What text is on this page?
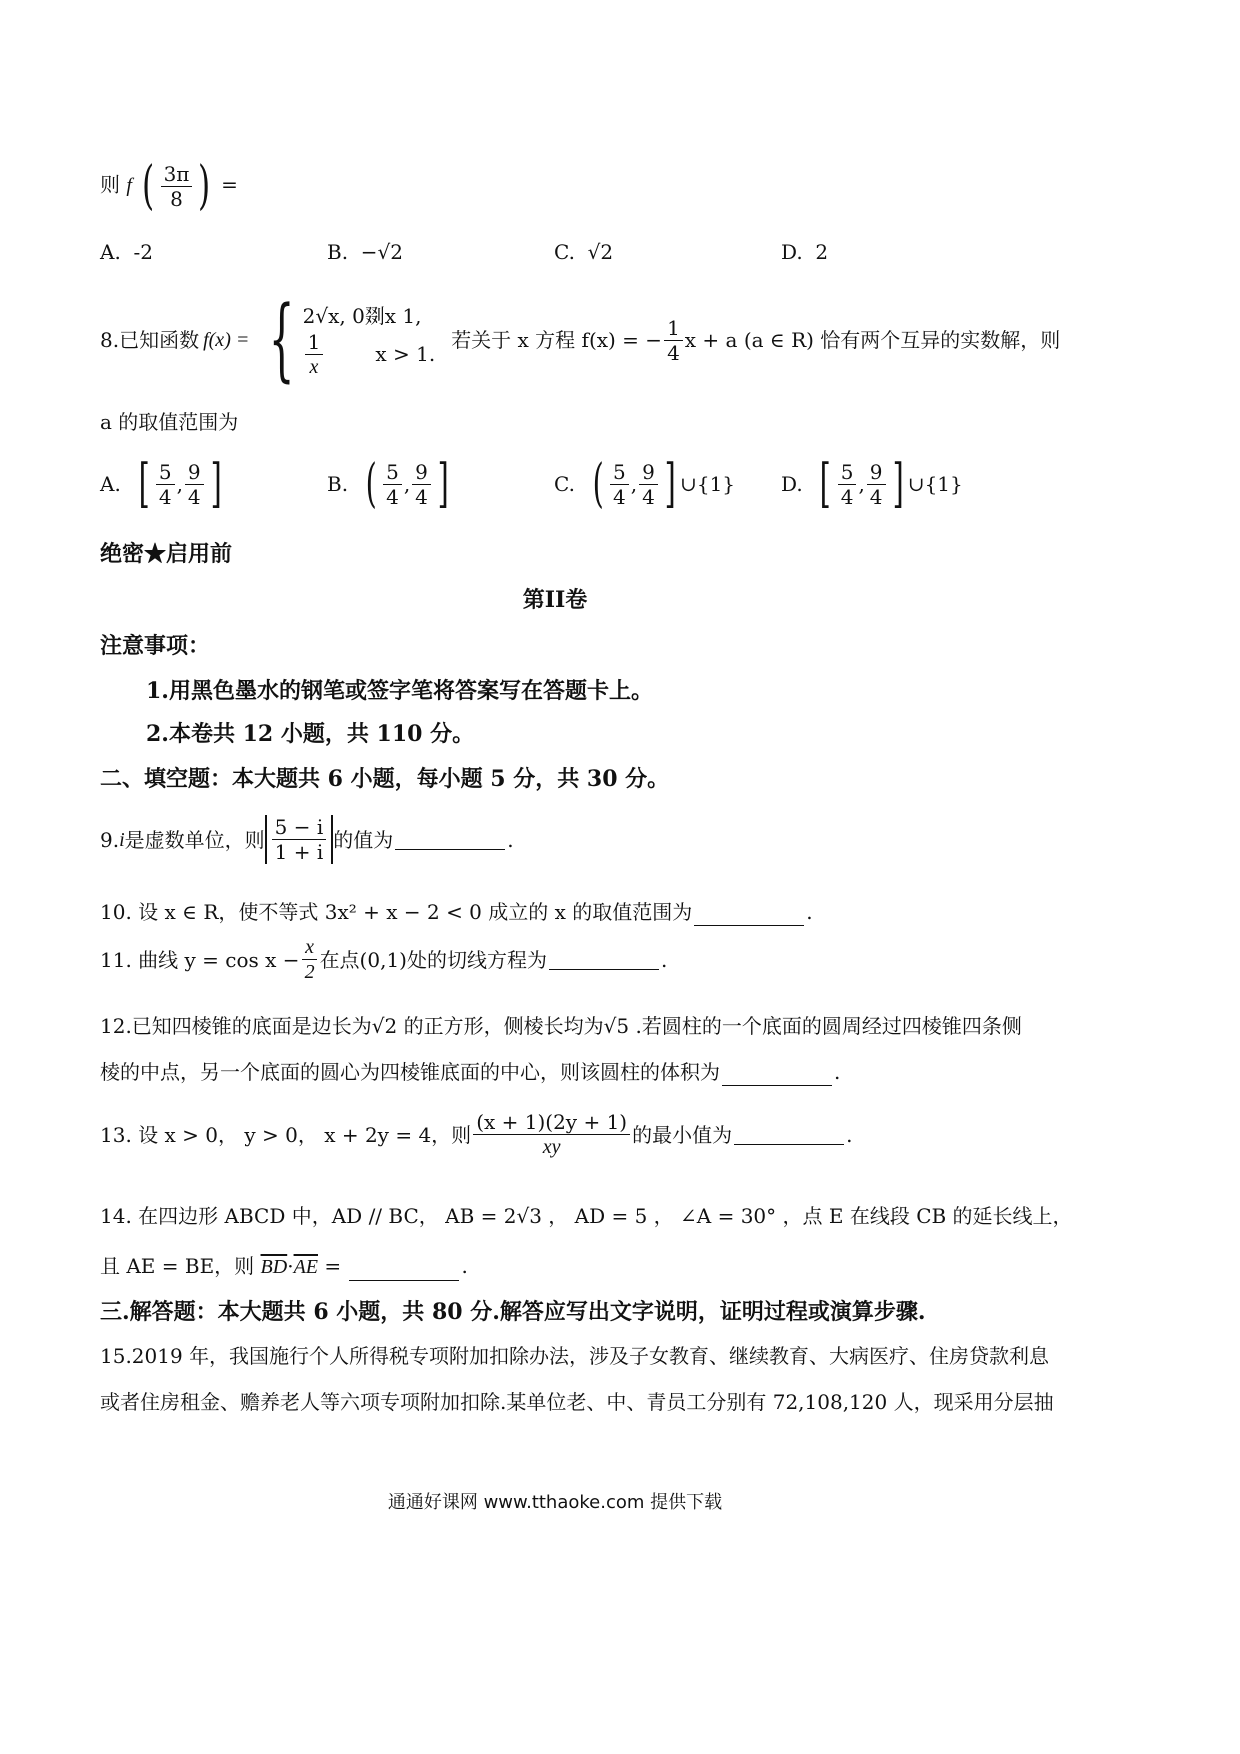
则 f ( $\frac{3\pi}{8}$ ) =
A. -2	B. −√2	C. √2	D. 2
8.已知函数 f(x) = { 2√x, 0剟x 1,
$\frac{1}{x}$	x > 1.
若关于 x 方程 f(x) = − $\frac{1}{4}$ x + a (a ∈ R) 恰有两个互异的实数解，则
a 的取值范围为
A.
[ $\frac{5}{4}$ , $\frac{9}{4}$ ]	B.
( $\frac{5}{4}$ , $\frac{9}{4}$ ]	C.
( $\frac{5}{4}$ , $\frac{9}{4}$ ] ∪{1} D.
[ $\frac{5}{4}$ , $\frac{9}{4}$ ] ∪{1}
绝密★启用前
第II卷
注意事项：
1.用黑色墨水的钢笔或签字笔将答案写在答题卡上。
2.本卷共 12 小题，共 110 分。
二、填空题：本大题共 6 小题，每小题 5 分，共 30 分。
9. i 是虚数单位，则 $\frac{5 - i}{1 + i}$ 的值为	.
10. 设 x ∈ R，使不等式 3x² + x − 2 < 0 成立的 x 的取值范围为	.
11. 曲线 $y = \cos x - \frac{x}{2}$ 在点(0,1)处的切线方程为	.
12.已知四棱锥的底面是边长为√2 的正方形，侧棱长均为√5 .若圆柱的一个底面的圆周经过四棱锥四条侧
棱的中点，另一个底面的圆心为四棱锥底面的中心，则该圆柱的体积为	.
13. 设 x > 0， y > 0， x + 2y = 4，则 $\frac{(x + 1)(2y + 1)}{xy}$ 的最小值为	.
14. 在四边形 ABCD 中，AD // BC， AB = 2√3 ， AD = 5 ， ∠A = 30° ，点 E 在线段 CB 的延长线上，
且 AE = BE，则 $\overline{BD}\cdot\overline{AE}$ =	.
三.解答题：本大题共 6 小题，共 80 分.解答应写出文字说明，证明过程或演算步骤.
15.2019 年，我国施行个人所得税专项附加扣除办法，涉及子女教育、继续教育、大病医疗、住房贷款利息
或者住房租金、赡养老人等六项专项附加扣除.某单位老、中、青员工分别有 72,108,120 人，现采用分层抽
通通好课网 www.tthaoke.com 提供下载
